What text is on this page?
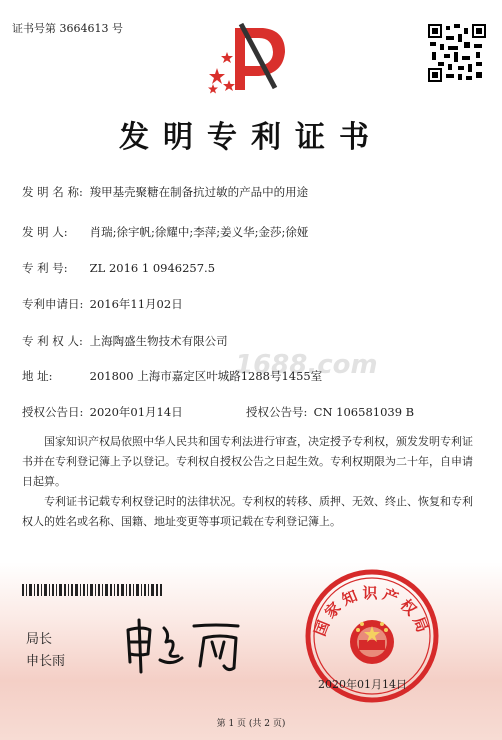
证书号第 3664613 号
发明专利证书
1688.com
发 明 名 称: 羧甲基壳聚糖在制备抗过敏的产品中的用途
发 明 人: 肖瑞;徐宇帆;徐耀中;李萍;姜义华;金莎;徐娅
专 利 号: ZL 2016 1 0946257.5
专利申请日: 2016年11月02日
专 利 权 人: 上海陶盛生物技术有限公司
地 址:	201800 上海市嘉定区叶城路1288号1455室
授权公告日: 2020年01月14日	授权公告号: CN 106581039 B
国家知识产权局依照中华人民共和国专利法进行审查，决定授予专利权，颁发发明专利证书并在专利登记簿上予以登记。专利权自授权公告之日起生效。专利权期限为二十年，自申请日起算。
专利证书记载专利权登记时的法律状况。专利权的转移、质押、无效、终止、恢复和专利权人的姓名或名称、国籍、地址变更等事项记载在专利登记簿上。
局长
申长雨
国家知识产权局
2020年01月14日
第 1 页 (共 2 页)
